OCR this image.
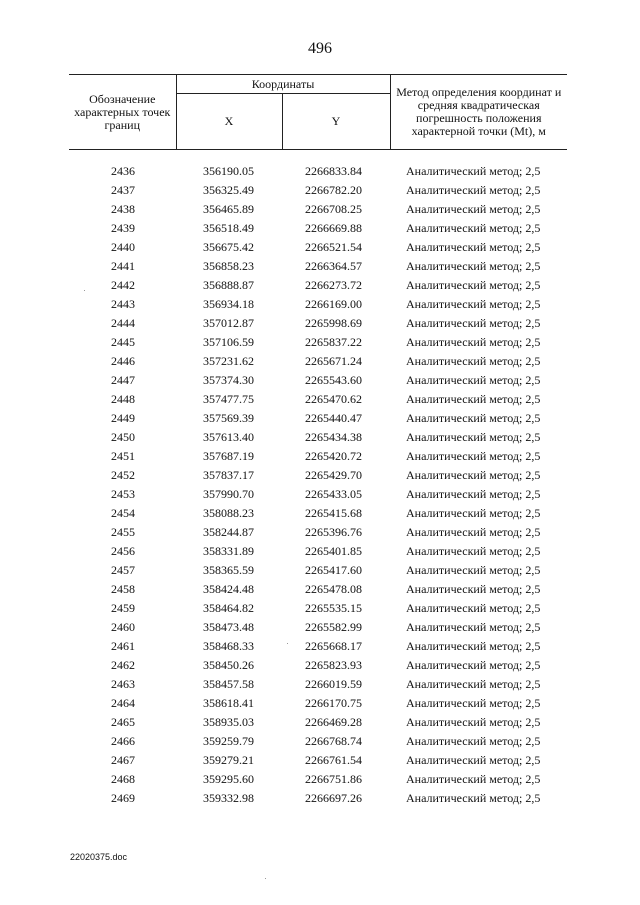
496
Обозначение характерных точек границ	Координаты		Метод определения координат и средняя квадратическая погрешность положения характерной точки (Mt), м
	X	Y	

2436	356190.05	2266833.84	Аналитический метод; 2,5
2437	356325.49	2266782.20	Аналитический метод; 2,5
2438	356465.89	2266708.25	Аналитический метод; 2,5
2439	356518.49	2266669.88	Аналитический метод; 2,5
2440	356675.42	2266521.54	Аналитический метод; 2,5
2441	356858.23	2266364.57	Аналитический метод; 2,5
2442	356888.87	2266273.72	Аналитический метод; 2,5
2443	356934.18	2266169.00	Аналитический метод; 2,5
2444	357012.87	2265998.69	Аналитический метод; 2,5
2445	357106.59	2265837.22	Аналитический метод; 2,5
2446	357231.62	2265671.24	Аналитический метод; 2,5
2447	357374.30	2265543.60	Аналитический метод; 2,5
2448	357477.75	2265470.62	Аналитический метод; 2,5
2449	357569.39	2265440.47	Аналитический метод; 2,5
2450	357613.40	2265434.38	Аналитический метод; 2,5
2451	357687.19	2265420.72	Аналитический метод; 2,5
2452	357837.17	2265429.70	Аналитический метод; 2,5
2453	357990.70	2265433.05	Аналитический метод; 2,5
2454	358088.23	2265415.68	Аналитический метод; 2,5
2455	358244.87	2265396.76	Аналитический метод; 2,5
2456	358331.89	2265401.85	Аналитический метод; 2,5
2457	358365.59	2265417.60	Аналитический метод; 2,5
2458	358424.48	2265478.08	Аналитический метод; 2,5
2459	358464.82	2265535.15	Аналитический метод; 2,5
2460	358473.48	2265582.99	Аналитический метод; 2,5
2461	358468.33	2265668.17	Аналитический метод; 2,5
2462	358450.26	2265823.93	Аналитический метод; 2,5
2463	358457.58	2266019.59	Аналитический метод; 2,5
2464	358618.41	2266170.75	Аналитический метод; 2,5
2465	358935.03	2266469.28	Аналитический метод; 2,5
2466	359259.79	2266768.74	Аналитический метод; 2,5
2467	359279.21	2266761.54	Аналитический метод; 2,5
2468	359295.60	2266751.86	Аналитический метод; 2,5
2469	359332.98	2266697.26	Аналитический метод; 2,5
22020375.doc
